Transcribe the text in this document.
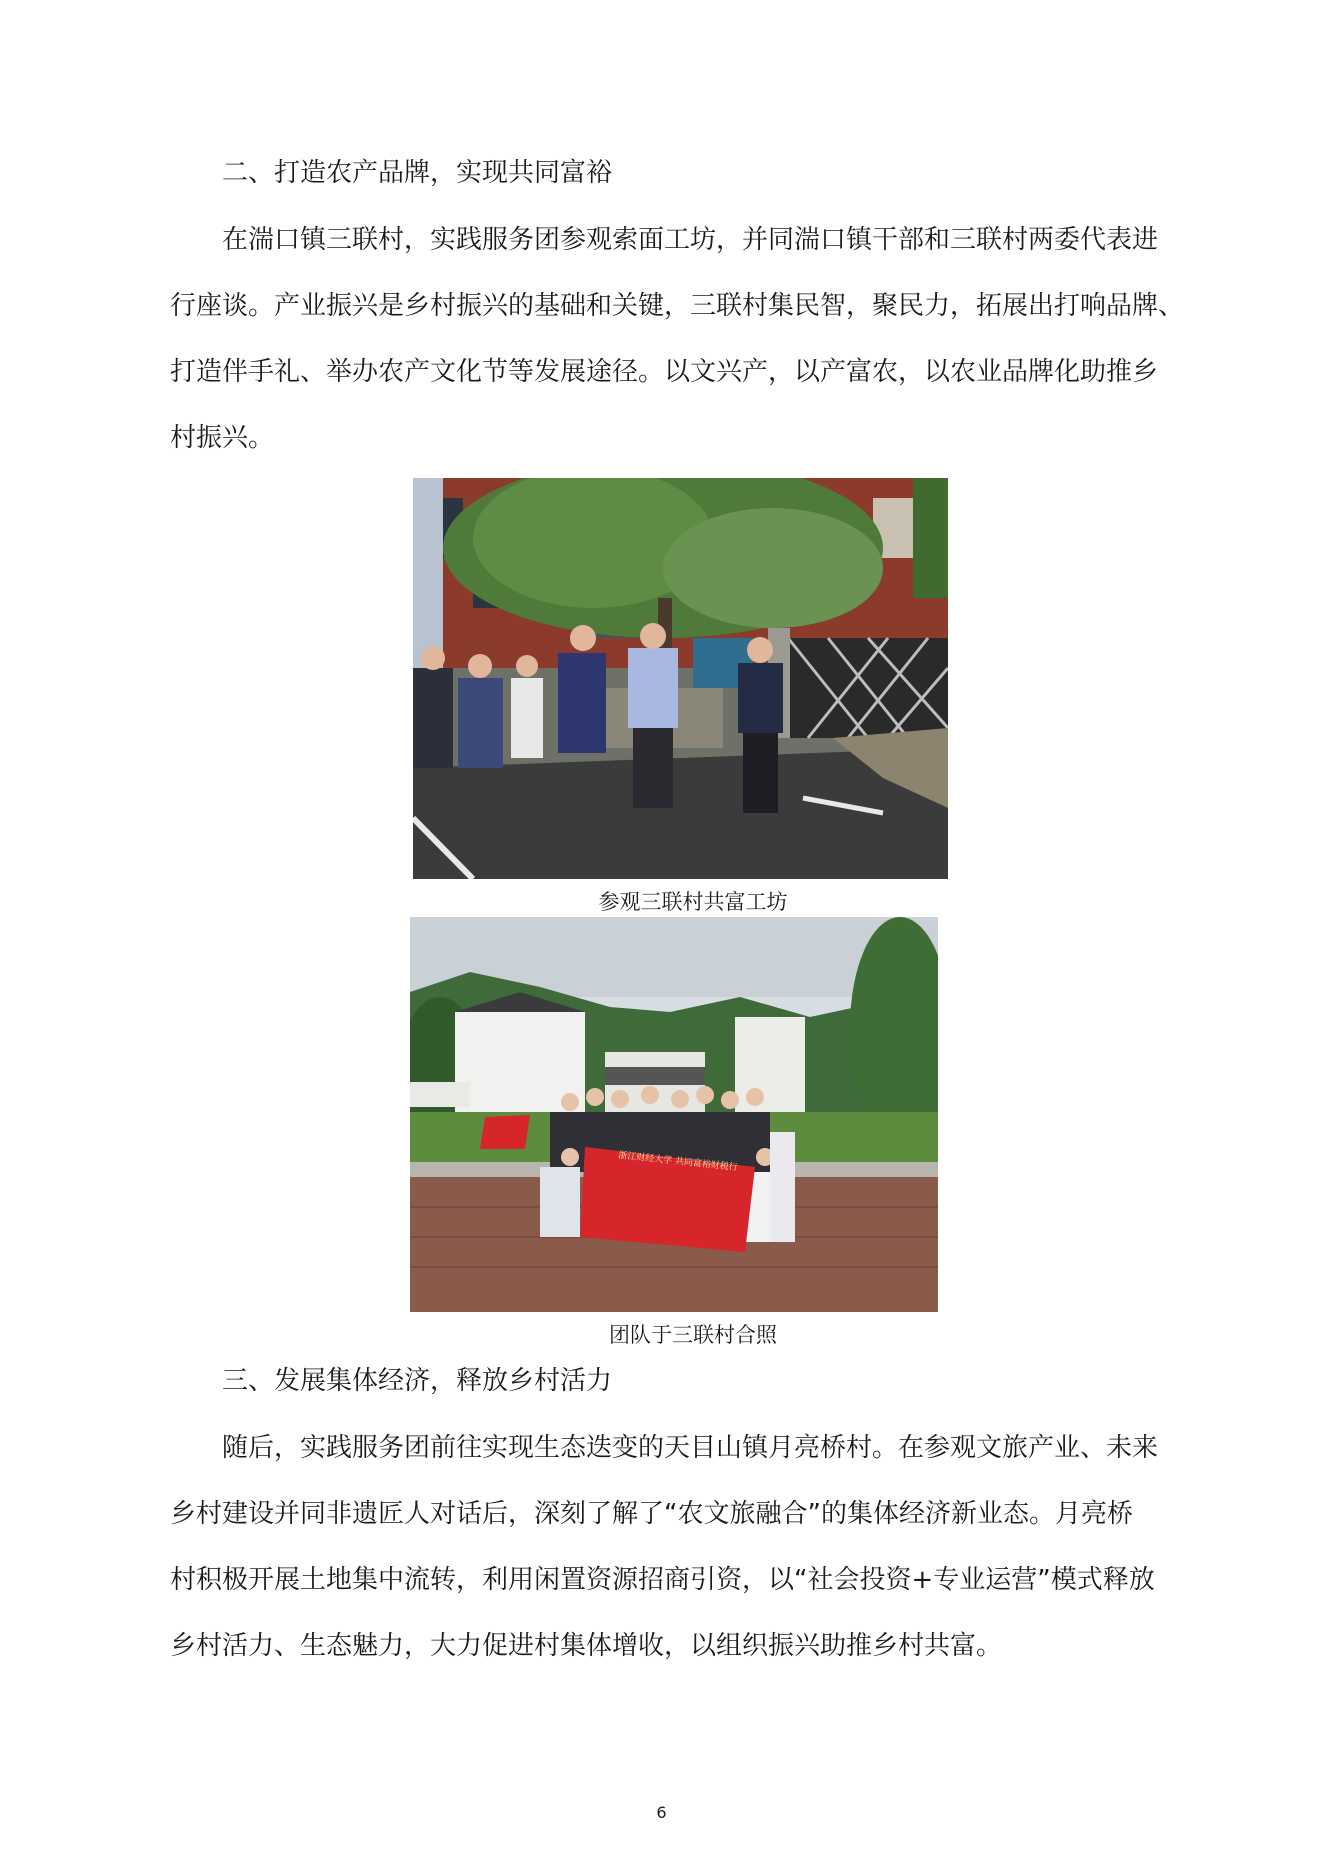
二、打造农产品牌，实现共同富裕
在湍口镇三联村，实践服务团参观索面工坊，并同湍口镇干部和三联村两委代表进
行座谈。产业振兴是乡村振兴的基础和关键，三联村集民智，聚民力，拓展出打响品牌、
打造伴手礼、举办农产文化节等发展途径。以文兴产，以产富农，以农业品牌化助推乡
村振兴。
参观三联村共富工坊
浙江财经大学 共同富裕财税行
团队于三联村合照
三、发展集体经济，释放乡村活力
随后，实践服务团前往实现生态迭变的天目山镇月亮桥村。在参观文旅产业、未来
乡村建设并同非遗匠人对话后，深刻了解了“农文旅融合”的集体经济新业态。月亮桥
村积极开展土地集中流转，利用闲置资源招商引资，以“社会投资+专业运营”模式释放
乡村活力、生态魅力，大力促进村集体增收，以组织振兴助推乡村共富。
6
